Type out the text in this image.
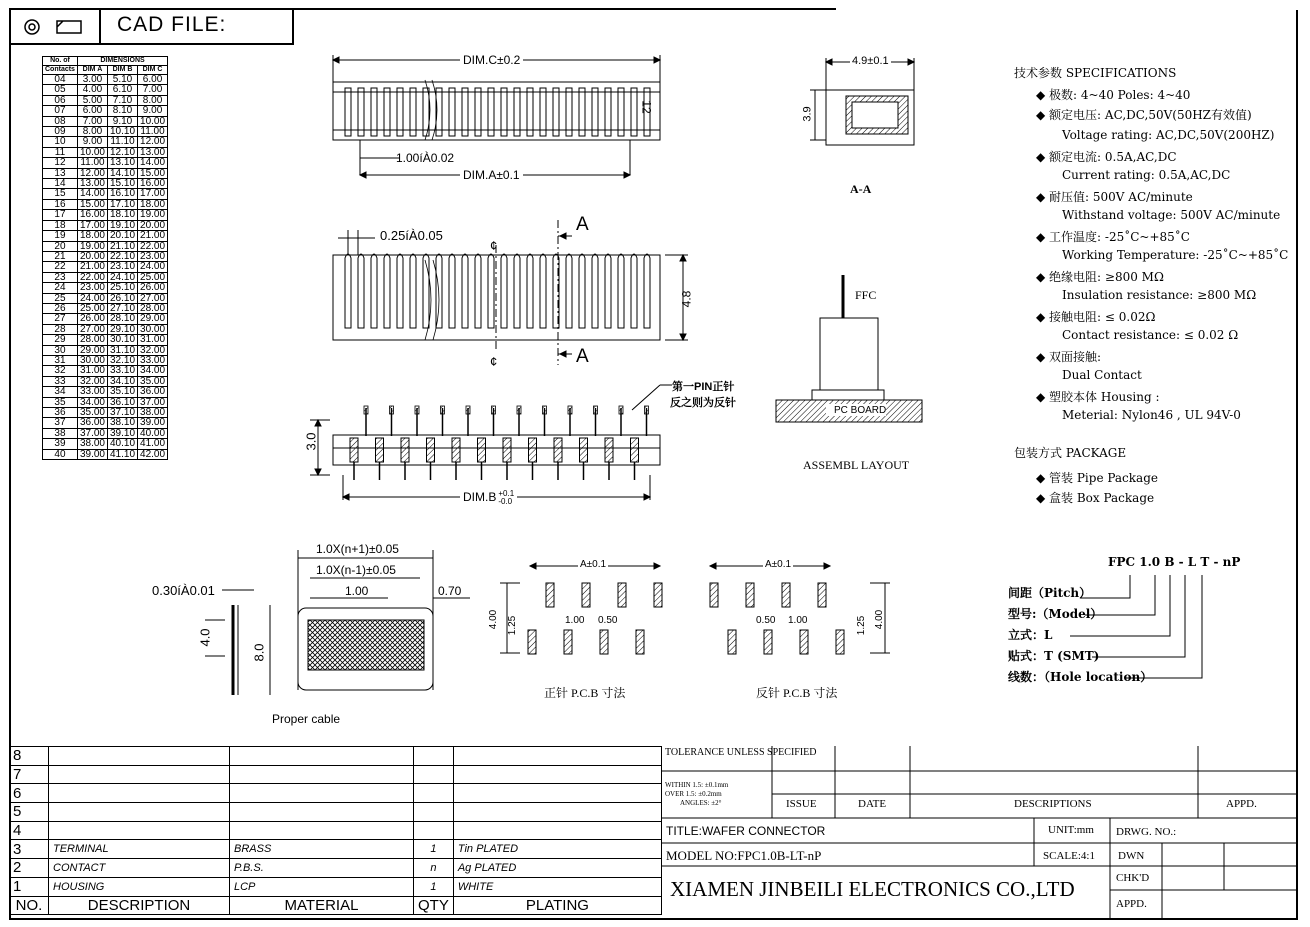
CAD FILE:
No. of	DIMENSIONS		
Contacts	DIM A	DIM B	DIM C
04	3.00	5.10	6.00
05	4.00	6.10	7.00
06	5.00	7.10	8.00
07	6.00	8.10	9.00
08	7.00	9.10	10.00
09	8.00	10.10	11.00
10	9.00	11.10	12.00
11	10.00	12.10	13.00
12	11.00	13.10	14.00
13	12.00	14.10	15.00
14	13.00	15.10	16.00
15	14.00	16.10	17.00
16	15.00	17.10	18.00
17	16.00	18.10	19.00
18	17.00	19.10	20.00
19	18.00	20.10	21.00
20	19.00	21.10	22.00
21	20.00	22.10	23.00
22	21.00	23.10	24.00
23	22.00	24.10	25.00
24	23.00	25.10	26.00
25	24.00	26.10	27.00
26	25.00	27.10	28.00
27	26.00	28.10	29.00
28	27.00	29.10	30.00
29	28.00	30.10	31.00
30	29.00	31.10	32.00
31	30.00	32.10	33.00
32	31.00	33.10	34.00
33	32.00	34.10	35.00
34	33.00	35.10	36.00
35	34.00	36.10	37.00
36	35.00	37.10	38.00
37	36.00	38.10	39.00
38	37.00	39.10	40.00
39	38.00	40.10	41.00
40	39.00	41.10	42.00
DIM.C±0.2
12
1.00íÀ0.02
DIM.A±0.1
0.25íÀ0.05
¢
¢
A
A
4.8
3.0
DIM.B +0.1
-0.0
第一PIN正针
反之则为反针
4.9±0.1
3.9
A-A
FFC
PC BOARD
ASSEMBL LAYOUT
1.0X(n+1)±0.05
1.0X(n-1)±0.05
1.00	0.70
0.30íÀ0.01
4.0
8.0
Proper cable
A±0.1	A±0.1
4.00 1.25	1.00 0.50	0.50 1.00	1.25 4.00
正针 P.C.B 寸法	反针 P.C.B 寸法
技术参数 SPECIFICATIONS
◆ 极数: 4~40 Poles: 4~40
◆ 额定电压: AC,DC,50V(50HZ有效值)
Voltage rating: AC,DC,50V(200HZ)
◆ 额定电流: 0.5A,AC,DC
Current rating: 0.5A,AC,DC
◆ 耐压值: 500V AC/minute
Withstand voltage: 500V AC/minute
◆ 工作温度: -25˚C~+85˚C
Working Temperature: -25˚C~+85˚C
◆ 绝缘电阻: ≥800 MΩ
Insulation resistance: ≥800 MΩ
◆ 接触电阻: ≤ 0.02Ω
Contact resistance: ≤ 0.02 Ω
◆ 双面接触:
Dual Contact
◆ 塑胶本体 Housing :
Meterial: Nylon46 , UL 94V-0
包装方式 PACKAGE
◆ 管装 Pipe Package
◆ 盒装 Box Package
FPC 1.0 B - L T - nP
间距（Pitch）
型号:（Model）
立式：L
贴式：T (SMT)
线数：（Hole location）
8				
7				
6				
5				
4				
3	TERMINAL	BRASS	1	Tin PLATED
2	CONTACT	P.B.S.	n	Ag PLATED
1	HOUSING	LCP	1	WHITE
NO.	DESCRIPTION	MATERIAL	QTY	PLATING
TOLERANCE UNLESS SPECIFIED
WITHIN 1.5: ±0.1mm
OVER 1.5: ±0.2mm
ANGLES: ±2°	ISSUE	DATE	DESCRIPTIONS	APPD.
TITLE:WAFER CONNECTOR	UNIT:mm DRWG. NO.:
MODEL NO:FPC1.0B-LT-nP	SCALE:4:1 DWN
XIAMEN JINBEILI ELECTRONICS CO.,LTD	CHK'D
APPD.
